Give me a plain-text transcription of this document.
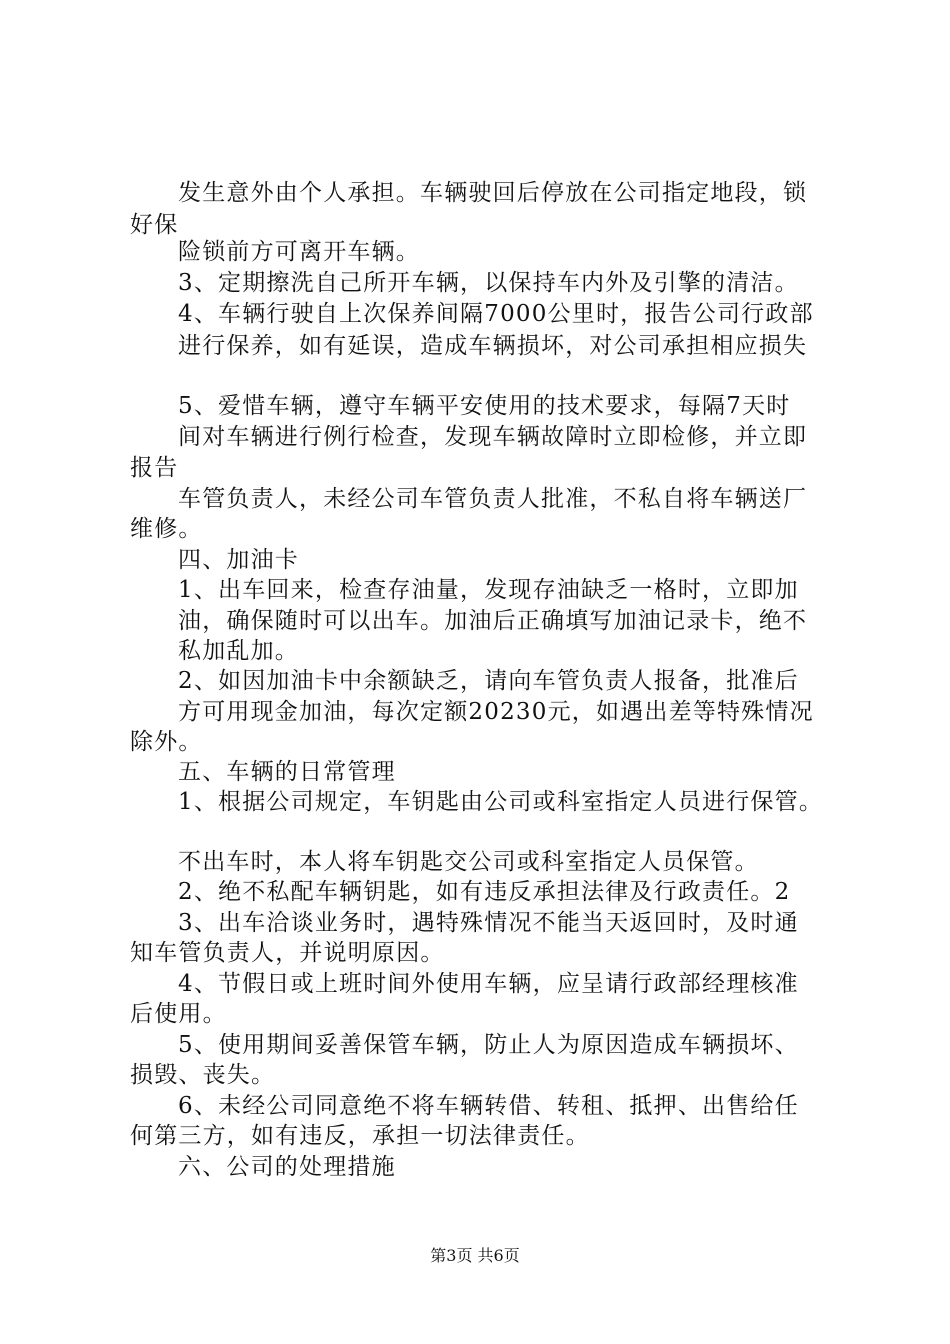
发生意外由个人承担。车辆驶回后停放在公司指定地段，锁
好保
险锁前方可离开车辆。
3、定期擦洗自己所开车辆，以保持车内外及引擎的清洁。
4、车辆行驶自上次保养间隔7000公里时，报告公司行政部
进行保养，如有延误，造成车辆损坏，对公司承担相应损失
5、爱惜车辆，遵守车辆平安使用的技术要求，每隔7天时
间对车辆进行例行检查，发现车辆故障时立即检修，并立即
报告
车管负责人，未经公司车管负责人批准，不私自将车辆送厂
维修。
四、加油卡
1、出车回来，检查存油量，发现存油缺乏一格时，立即加
油，确保随时可以出车。加油后正确填写加油记录卡，绝不
私加乱加。
2、如因加油卡中余额缺乏，请向车管负责人报备，批准后
方可用现金加油，每次定额20230元，如遇出差等特殊情况
除外。
五、车辆的日常管理
1、根据公司规定，车钥匙由公司或科室指定人员进行保管。
不出车时，本人将车钥匙交公司或科室指定人员保管。
2、绝不私配车辆钥匙，如有违反承担法律及行政责任。2
3、出车洽谈业务时，遇特殊情况不能当天返回时，及时通
知车管负责人，并说明原因。
4、节假日或上班时间外使用车辆，应呈请行政部经理核准
后使用。
5、使用期间妥善保管车辆，防止人为原因造成车辆损坏、
损毁、丧失。
6、未经公司同意绝不将车辆转借、转租、抵押、出售给任
何第三方，如有违反，承担一切法律责任。
六、公司的处理措施
第3页 共6页
